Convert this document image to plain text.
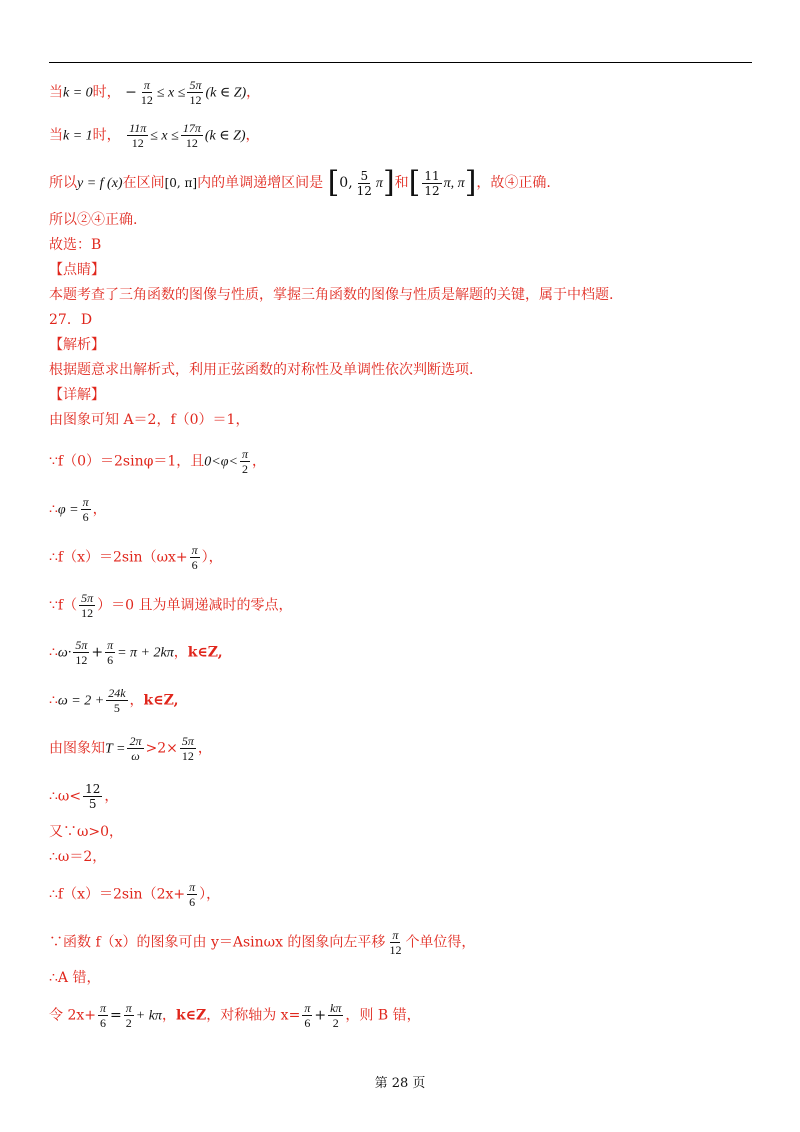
当k = 0时， − $\frac{\pi}{12} \le x \le \frac{5\pi}{12} (k$ ∈ Z)，
当k = 1时， $\frac{11\pi}{12} \le x \le \frac{17\pi}{12} (k$ ∈ Z)，
所以y = f (x)在区间[0, π]内的单调递增区间是 [0, $\frac{5}{12} \pi$]和[ $\frac{11}{12} \pi$, π]，故④正确.
所以②④正确.
故选：B
【点睛】
本题考查了三角函数的图像与性质，掌握三角函数的图像与性质是解题的关键，属于中档题.
27．D
【解析】
根据题意求出解析式，利用正弦函数的对称性及单调性依次判断选项.
【详解】
由图象可知 A＝2，f（0）＝1，
∵f（0）＝2sinφ＝1，且$0<\varphi< \frac{\pi}{2}$ ，
∴φ = $\frac{\pi}{6}$ ，
∴f（x）＝2sin（ωx+ $\frac{\pi}{6}$ ），
∵f（ $\frac{5\pi}{12} )=0$ 且为单调递减时的零点，
∴ω· $\frac{5\pi}{12} + \frac{\pi}{6} = \pi + 2k\pi$，k∈Z,
∴ω = $2 + \frac{24k}{5}$ ，k∈Z,
由图象知$T = \frac{2\pi}{\omega} >2\times \frac{5\pi}{12}$ ，
∴ω< $\frac{12}{5}$ ，
又∵ω>0，
∴ω＝2，
∴f（x）＝2sin（2x+ $\frac{\pi}{6}$ ），
∵函数 f（x）的图象可由 y＝Asinωx 的图象向左平移 $\frac{\pi}{12}$ 个单位得，
∴A 错，
令 $2x+ \frac{\pi}{6} = \frac{\pi}{2} + k\pi$，k∈Z，对称轴为 $x= \frac{\pi}{6} + \frac{k\pi}{2}$ ，则 B 错，
第 28 页
